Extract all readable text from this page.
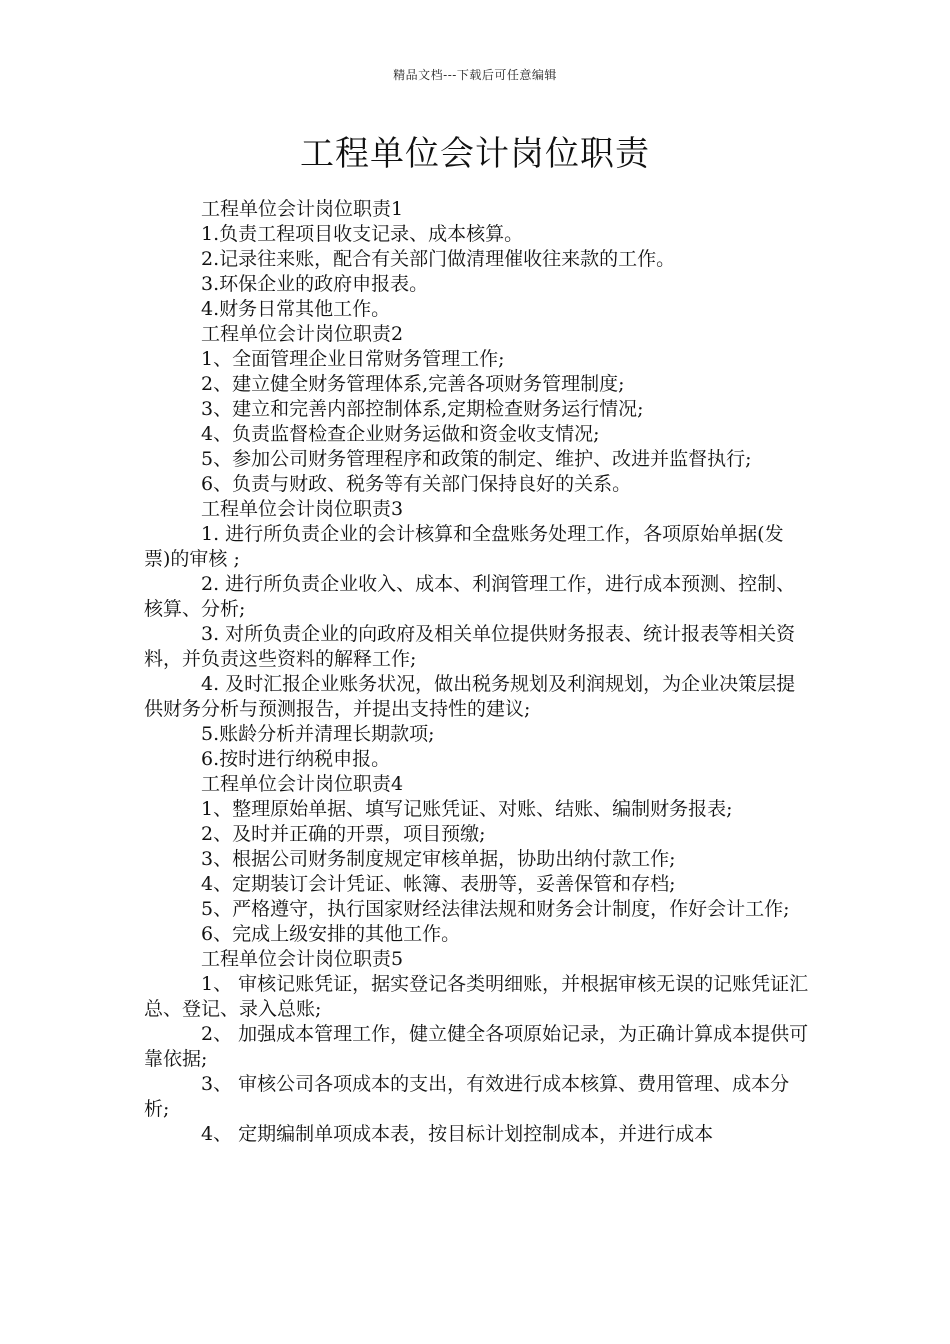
精品文档---下载后可任意编辑
工程单位会计岗位职责

工程单位会计岗位职责1

1.负责工程项目收支记录、成本核算。

2.记录往来账，配合有关部门做清理催收往来款的工作。

3.环保企业的政府申报表。

4.财务日常其他工作。

工程单位会计岗位职责2

1、全面管理企业日常财务管理工作;

2、建立健全财务管理体系,完善各项财务管理制度;

3、建立和完善内部控制体系,定期检查财务运行情况;

4、负责监督检查企业财务运做和资金收支情况;

5、参加公司财务管理程序和政策的制定、维护、改进并监督执行;

6、负责与财政、税务等有关部门保持良好的关系。

工程单位会计岗位职责3

1. 进行所负责企业的会计核算和全盘账务处理工作，各项原始单据(发票)的审核 ;

2. 进行所负责企业收入、成本、利润管理工作，进行成本预测、控制、核算、分析;

3. 对所负责企业的向政府及相关单位提供财务报表、统计报表等相关资料，并负责这些资料的解释工作;

4. 及时汇报企业账务状况，做出税务规划及利润规划，为企业决策层提供财务分析与预测报告，并提出支持性的建议;

5.账龄分析并清理长期款项;

6.按时进行纳税申报。

工程单位会计岗位职责4

1、整理原始单据、填写记账凭证、对账、结账、编制财务报表;

2、及时并正确的开票，项目预缴;

3、根据公司财务制度规定审核单据，协助出纳付款工作;

4、定期装订会计凭证、帐簿、表册等，妥善保管和存档;

5、严格遵守，执行国家财经法律法规和财务会计制度，作好会计工作;

6、完成上级安排的其他工作。

工程单位会计岗位职责5

1、 审核记账凭证，据实登记各类明细账，并根据审核无误的记账凭证汇总、登记、录入总账;

2、 加强成本管理工作，健立健全各项原始记录，为正确计算成本提供可靠依据;

3、 审核公司各项成本的支出，有效进行成本核算、费用管理、成本分析;

4、 定期编制单项成本表，按目标计划控制成本，并进行成本
